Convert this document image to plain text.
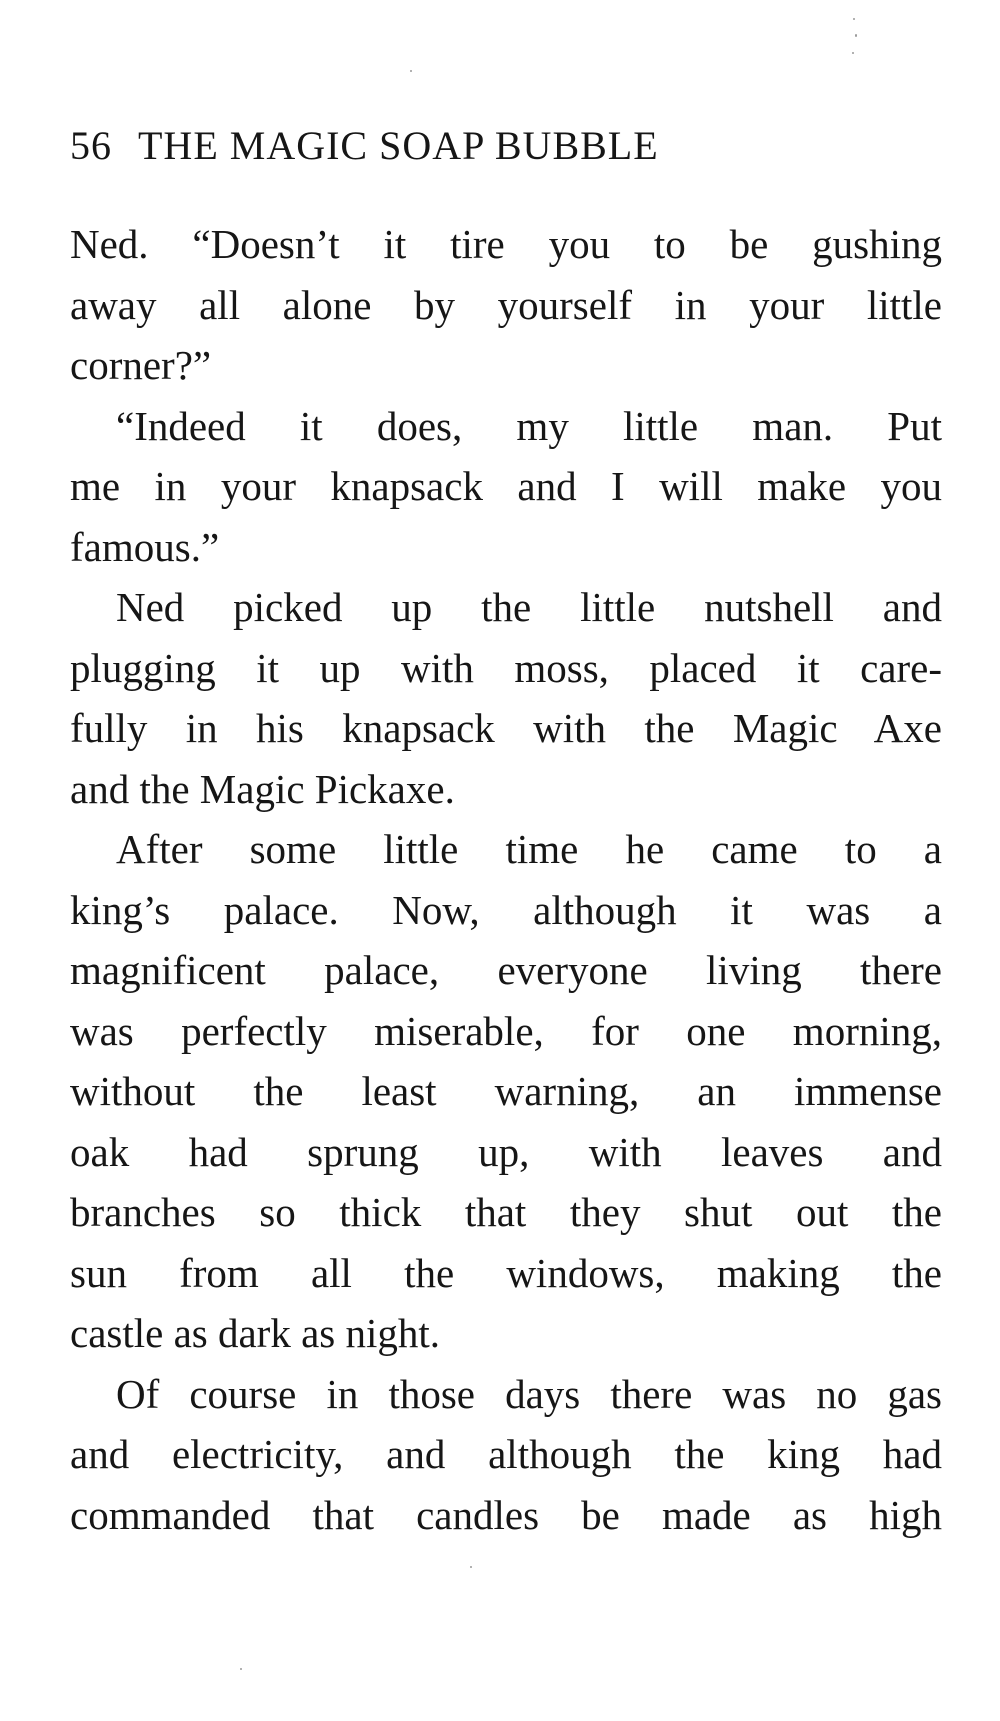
56 THE MAGIC SOAP BUBBLE

Ned. “Doesn’t it tire you to be gushing
away all alone by yourself in your little
corner?”

“Indeed it does, my little man. Put
me in your knapsack and I will make you
famous.”

Ned picked up the little nutshell and
plugging it up with moss, placed it care-
fully in his knapsack with the Magic Axe
and the Magic Pickaxe.

After some little time he came to a
king’s palace. Now, although it was a
magnificent palace, everyone living there
was perfectly miserable, for one morning,
without the least warning, an immense
oak had sprung up, with leaves and
branches so thick that they shut out the
sun from all the windows, making the
castle as dark as night.

Of course in those days there was no gas
and electricity, and although the king had
commanded that candles be made as high
